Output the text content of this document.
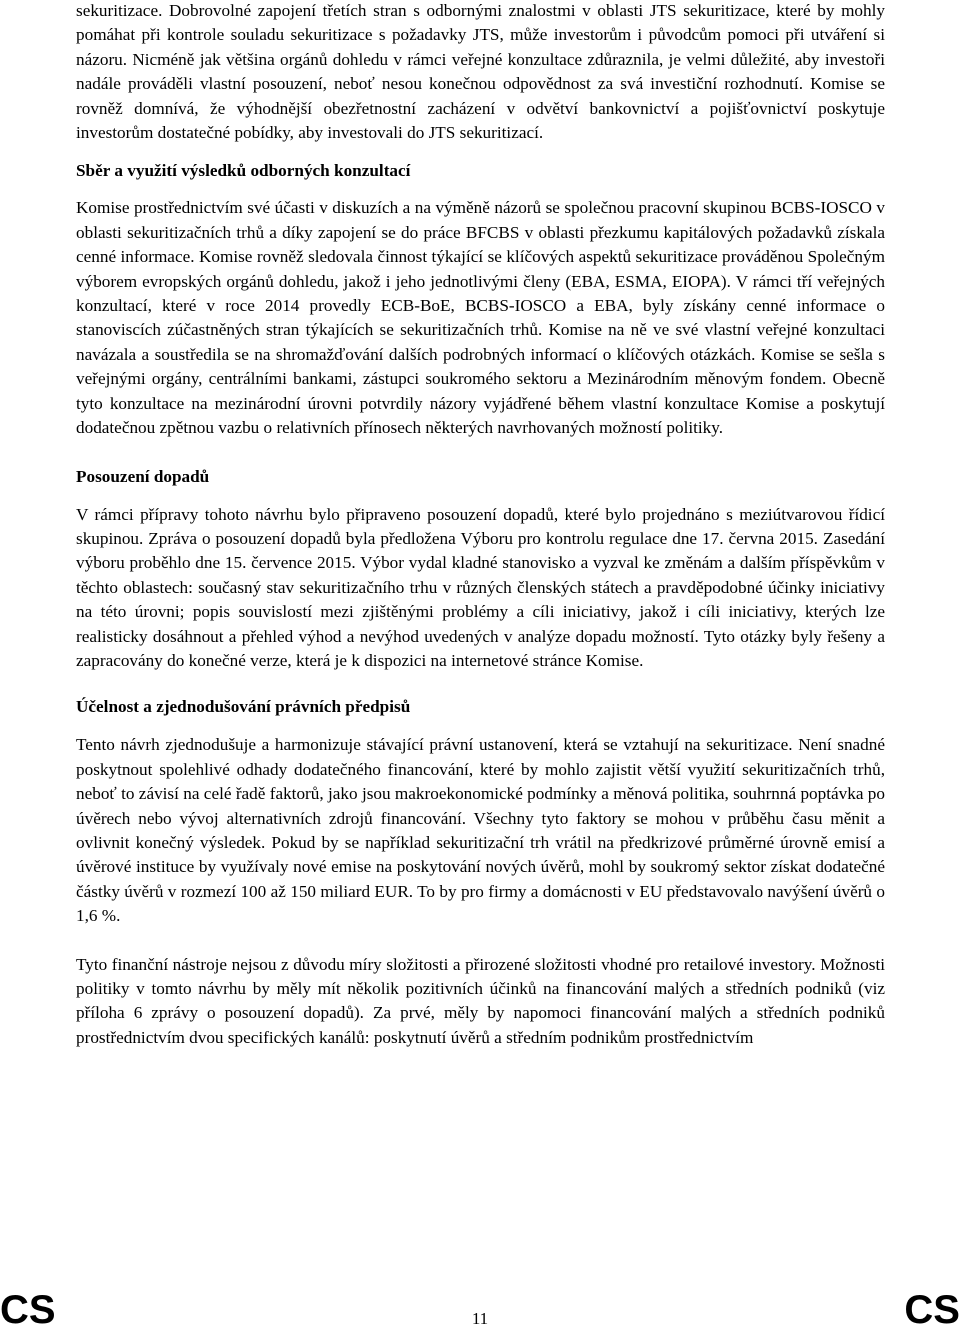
sekuritizace. Dobrovolné zapojení třetích stran s odbornými znalostmi v oblasti JTS sekuritizace, které by mohly pomáhat při kontrole souladu sekuritizace s požadavky JTS, může investorům i původcům pomoci při utváření si názoru. Nicméně jak většina orgánů dohledu v rámci veřejné konzultace zdůraznila, je velmi důležité, aby investoři nadále prováděli vlastní posouzení, neboť nesou konečnou odpovědnost za svá investiční rozhodnutí. Komise se rovněž domnívá, že výhodnější obezřetnostní zacházení v odvětví bankovnictví a pojišťovnictví poskytuje investorům dostatečné pobídky, aby investovali do JTS sekuritizací.

Sběr a využití výsledků odborných konzultací

Komise prostřednictvím své účasti v diskuzích a na výměně názorů se společnou pracovní skupinou BCBS-IOSCO v oblasti sekuritizačních trhů a díky zapojení se do práce BFCBS v oblasti přezkumu kapitálových požadavků získala cenné informace. Komise rovněž sledovala činnost týkající se klíčových aspektů sekuritizace prováděnou Společným výborem evropských orgánů dohledu, jakož i jeho jednotlivými členy (EBA, ESMA, EIOPA). V rámci tří veřejných konzultací, které v roce 2014 provedly ECB-BoE, BCBS-IOSCO a EBA, byly získány cenné informace o stanoviscích zúčastněných stran týkajících se sekuritizačních trhů. Komise na ně ve své vlastní veřejné konzultaci navázala a soustředila se na shromažďování dalších podrobných informací o klíčových otázkách. Komise se sešla s veřejnými orgány, centrálními bankami, zástupci soukromého sektoru a Mezinárodním měnovým fondem. Obecně tyto konzultace na mezinárodní úrovni potvrdily názory vyjádřené během vlastní konzultace Komise a poskytují dodatečnou zpětnou vazbu o relativních přínosech některých navrhovaných možností politiky.

Posouzení dopadů

V rámci přípravy tohoto návrhu bylo připraveno posouzení dopadů, které bylo projednáno s meziútvarovou řídicí skupinou. Zpráva o posouzení dopadů byla předložena Výboru pro kontrolu regulace dne 17. června 2015. Zasedání výboru proběhlo dne 15. července 2015. Výbor vydal kladné stanovisko a vyzval ke změnám a dalším příspěvkům v těchto oblastech: současný stav sekuritizačního trhu v různých členských státech a pravděpodobné účinky iniciativy na této úrovni; popis souvislostí mezi zjištěnými problémy a cíli iniciativy, jakož i cíli iniciativy, kterých lze realisticky dosáhnout a přehled výhod a nevýhod uvedených v analýze dopadu možností. Tyto otázky byly řešeny a zapracovány do konečné verze, která je k dispozici na internetové stránce Komise.

Účelnost a zjednodušování právních předpisů

Tento návrh zjednodušuje a harmonizuje stávající právní ustanovení, která se vztahují na sekuritizace. Není snadné poskytnout spolehlivé odhady dodatečného financování, které by mohlo zajistit větší využití sekuritizačních trhů, neboť to závisí na celé řadě faktorů, jako jsou makroekonomické podmínky a měnová politika, souhrnná poptávka po úvěrech nebo vývoj alternativních zdrojů financování. Všechny tyto faktory se mohou v průběhu času měnit a ovlivnit konečný výsledek. Pokud by se například sekuritizační trh vrátil na předkrizové průměrné úrovně emisí a úvěrové instituce by využívaly nové emise na poskytování nových úvěrů, mohl by soukromý sektor získat dodatečné částky úvěrů v rozmezí 100 až 150 miliard EUR. To by pro firmy a domácnosti v EU představovalo navýšení úvěrů o 1,6 %.

Tyto finanční nástroje nejsou z důvodu míry složitosti a přirozené složitosti vhodné pro retailové investory. Možnosti politiky v tomto návrhu by měly mít několik pozitivních účinků na financování malých a středních podniků (viz příloha 6 zprávy o posouzení dopadů). Za prvé, měly by napomoci financování malých a středních podniků prostřednictvím dvou specifických kanálů: poskytnutí úvěrů a středním podnikům prostřednictvím

CS	11	CS
